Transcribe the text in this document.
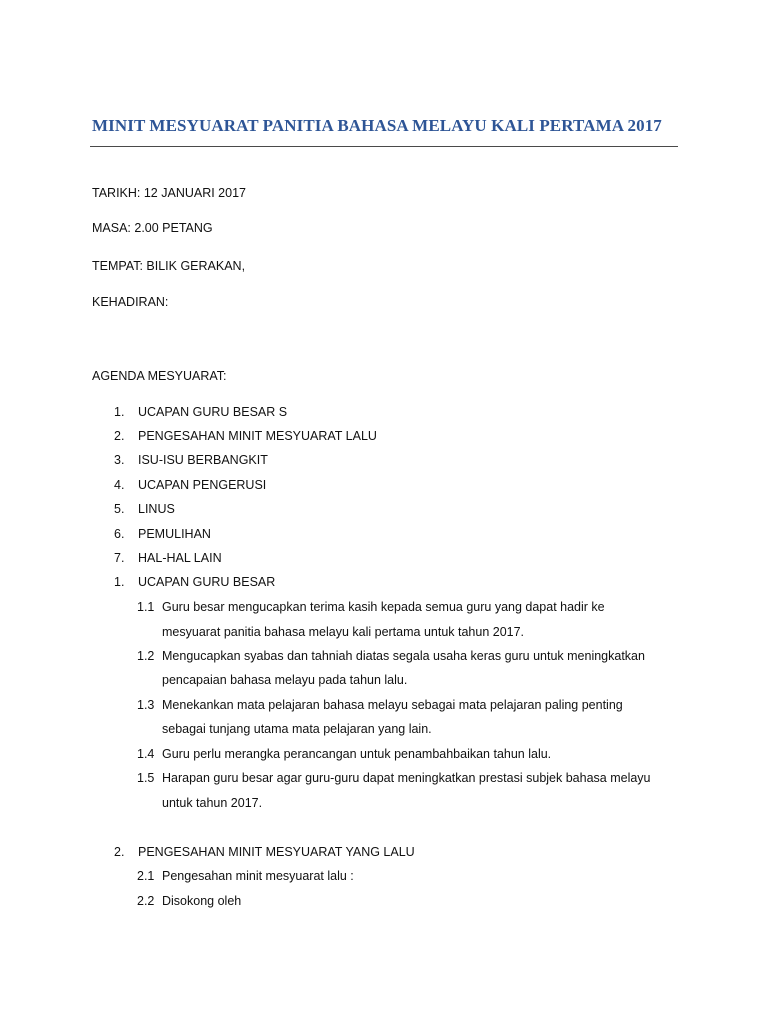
MINIT MESYUARAT PANITIA BAHASA MELAYU KALI PERTAMA 2017
TARIKH: 12 JANUARI 2017
MASA: 2.00 PETANG
TEMPAT: BILIK GERAKAN,
KEHADIRAN:
AGENDA MESYUARAT:
1. UCAPAN GURU BESAR S
2. PENGESAHAN MINIT MESYUARAT LALU
3. ISU-ISU BERBANGKIT
4. UCAPAN PENGERUSI
5. LINUS
6. PEMULIHAN
7. HAL-HAL LAIN
1. UCAPAN GURU BESAR
1.1 Guru besar mengucapkan terima kasih kepada semua guru yang dapat hadir ke
mesyuarat panitia bahasa melayu kali pertama untuk tahun 2017.
1.2 Mengucapkan syabas dan tahniah diatas segala usaha keras guru untuk meningkatkan
pencapaian bahasa melayu pada tahun lalu.
1.3 Menekankan mata pelajaran bahasa melayu sebagai mata pelajaran paling penting
sebagai tunjang utama mata pelajaran yang lain.
1.4 Guru perlu merangka perancangan untuk penambahbaikan tahun lalu.
1.5 Harapan guru besar agar guru-guru dapat meningkatkan prestasi subjek bahasa melayu
untuk tahun 2017.
2. PENGESAHAN MINIT MESYUARAT YANG LALU
2.1 Pengesahan minit mesyuarat lalu :
2.2 Disokong oleh
